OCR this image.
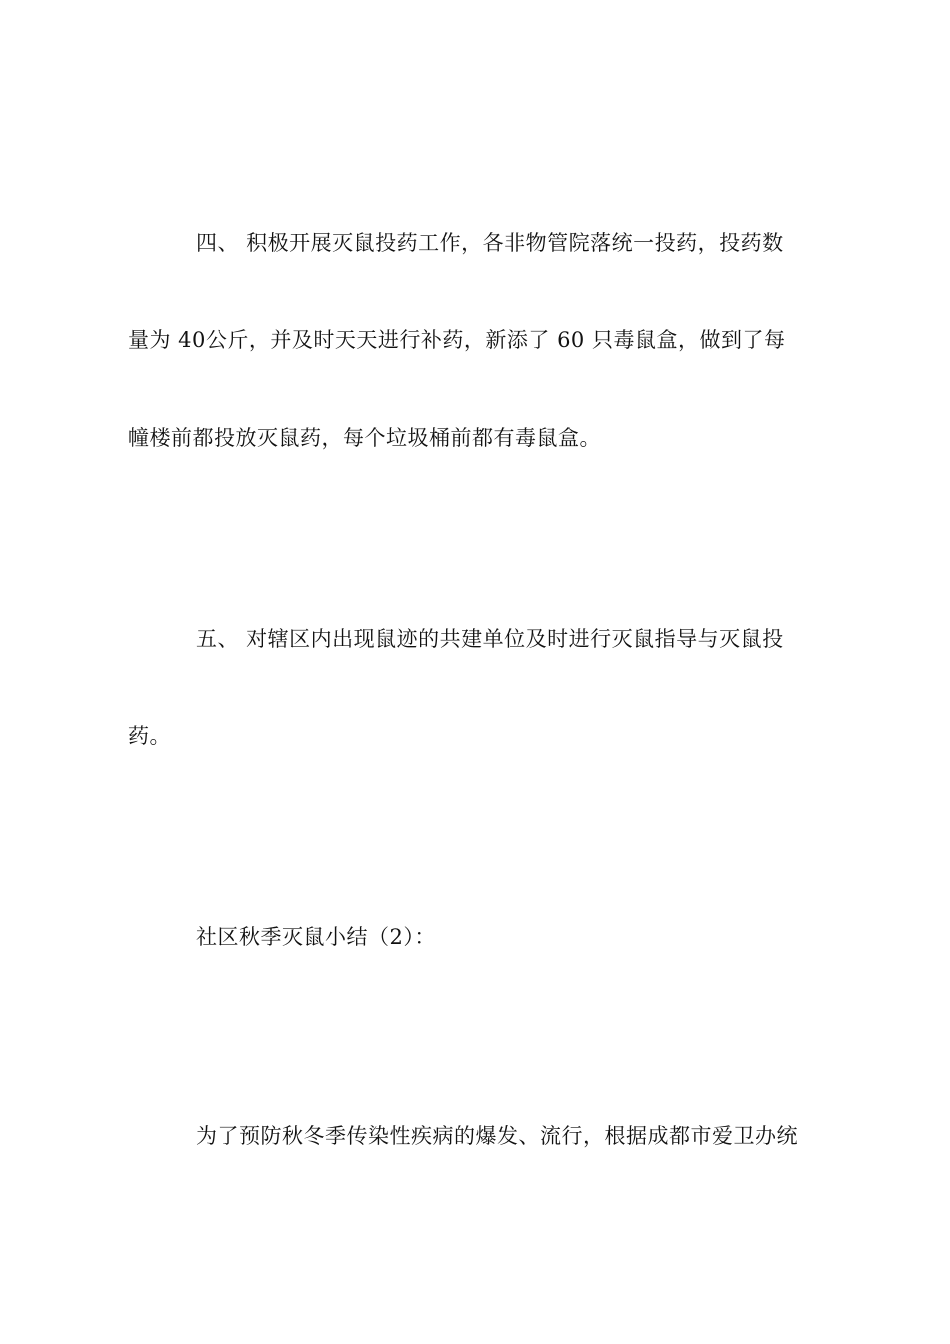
四、 积极开展灭鼠投药工作，各非物管院落统一投药，投药数
量为 40公斤，并及时天天进行补药，新添了 60 只毒鼠盒，做到了每
幢楼前都投放灭鼠药，每个垃圾桶前都有毒鼠盒。
五、 对辖区内出现鼠迹的共建单位及时进行灭鼠指导与灭鼠投
药。
社区秋季灭鼠小结（2）：
为了预防秋冬季传染性疾病的爆发、流行，根据成都市爱卫办统
